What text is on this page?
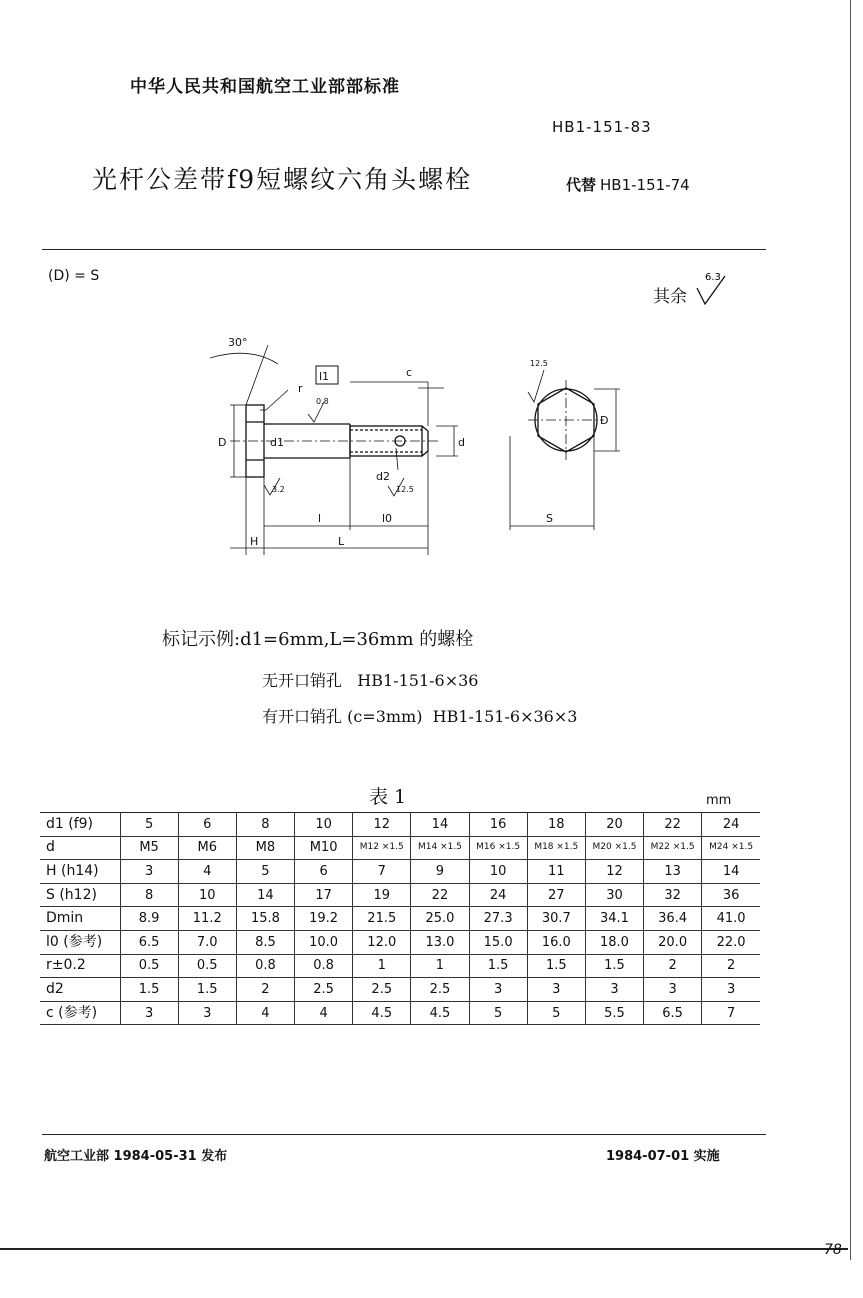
中华人民共和国航空工业部部标准
HB1-151-83
光杆公差带f9短螺纹六角头螺栓	代替 HB1-151-74
(D) = S
其余
6.3
30°
l1	c
r
0.8
D	d1	d
d2
3.2	12.5
l	l0
H	L
12.5
D
S
标记示例:d1=6mm,L=36mm 的螺栓
无开口销孔 HB1-151-6×36
有开口销孔 (c=3mm) HB1-151-6×36×3
表 1	mm
d1 (f9)	5	6	8	10	12	14	16	18	20	22	24
d	M5	M6	M8	M10	M12 ×1.5	M14 ×1.5	M16 ×1.5	M18 ×1.5	M20 ×1.5	M22 ×1.5	M24 ×1.5
H (h14)	3	4	5	6	7	9	10	11	12	13	14
S (h12)	8	10	14	17	19	22	24	27	30	32	36
Dmin	8.9	11.2	15.8	19.2	21.5	25.0	27.3	30.7	34.1	36.4	41.0
l0 (参考)	6.5	7.0	8.5	10.0	12.0	13.0	15.0	16.0	18.0	20.0	22.0
r±0.2	0.5	0.5	0.8	0.8	1	1	1.5	1.5	1.5	2	2
d2	1.5	1.5	2	2.5	2.5	2.5	3	3	3	3	3
c (参考)	3	3	4	4	4.5	4.5	5	5	5.5	6.5	7
航空工业部 1984-05-31 发布	1984-07-01 实施
78
